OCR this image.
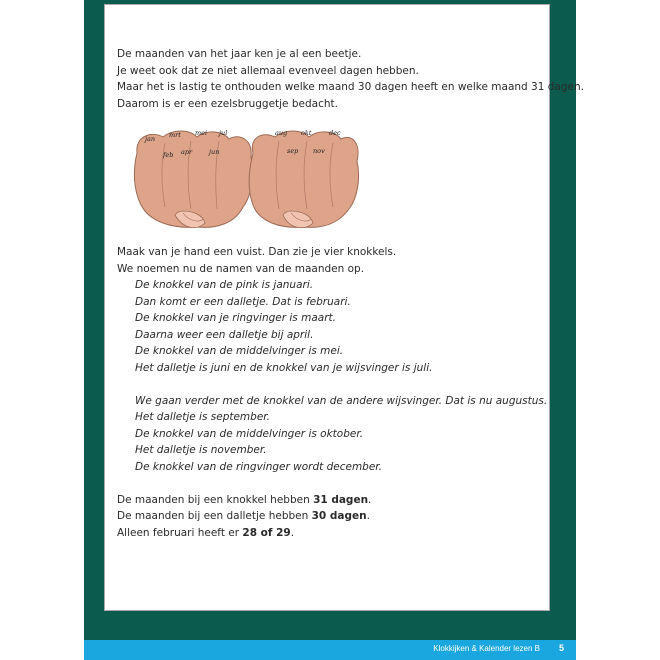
De maanden van het jaar ken je al een beetje.

Je weet ook dat ze niet allemaal evenveel dagen hebben.

Maar het is lastig te onthouden welke maand 30 dagen heeft en welke maand 31 dagen.

Daarom is er een ezelsbruggetje bedacht.

Maak van je hand een vuist. Dan zie je vier knokkels.

We noemen nu de namen van de maanden op.

De knokkel van de pink is januari.

Dan komt er een dalletje. Dat is februari.

De knokkel van je ringvinger is maart.

Daarna weer een dalletje bij april.

De knokkel van de middelvinger is mei.

Het dalletje is juni en de knokkel van je wijsvinger is juli.

We gaan verder met de knokkel van de andere wijsvinger. Dat is nu augustus.

Het dalletje is september.

De knokkel van de middelvinger is oktober.

Het dalletje is november.

De knokkel van de ringvinger wordt december.

De maanden bij een knokkel hebben 31 dagen.

De maanden bij een dalletje hebben 30 dagen.

Alleen februari heeft er 28 of 29.

jan mrt mei	jul
feb apr	jun
aug okt	dec
sep nov
Klokkijken & Kalender lezen B 5
